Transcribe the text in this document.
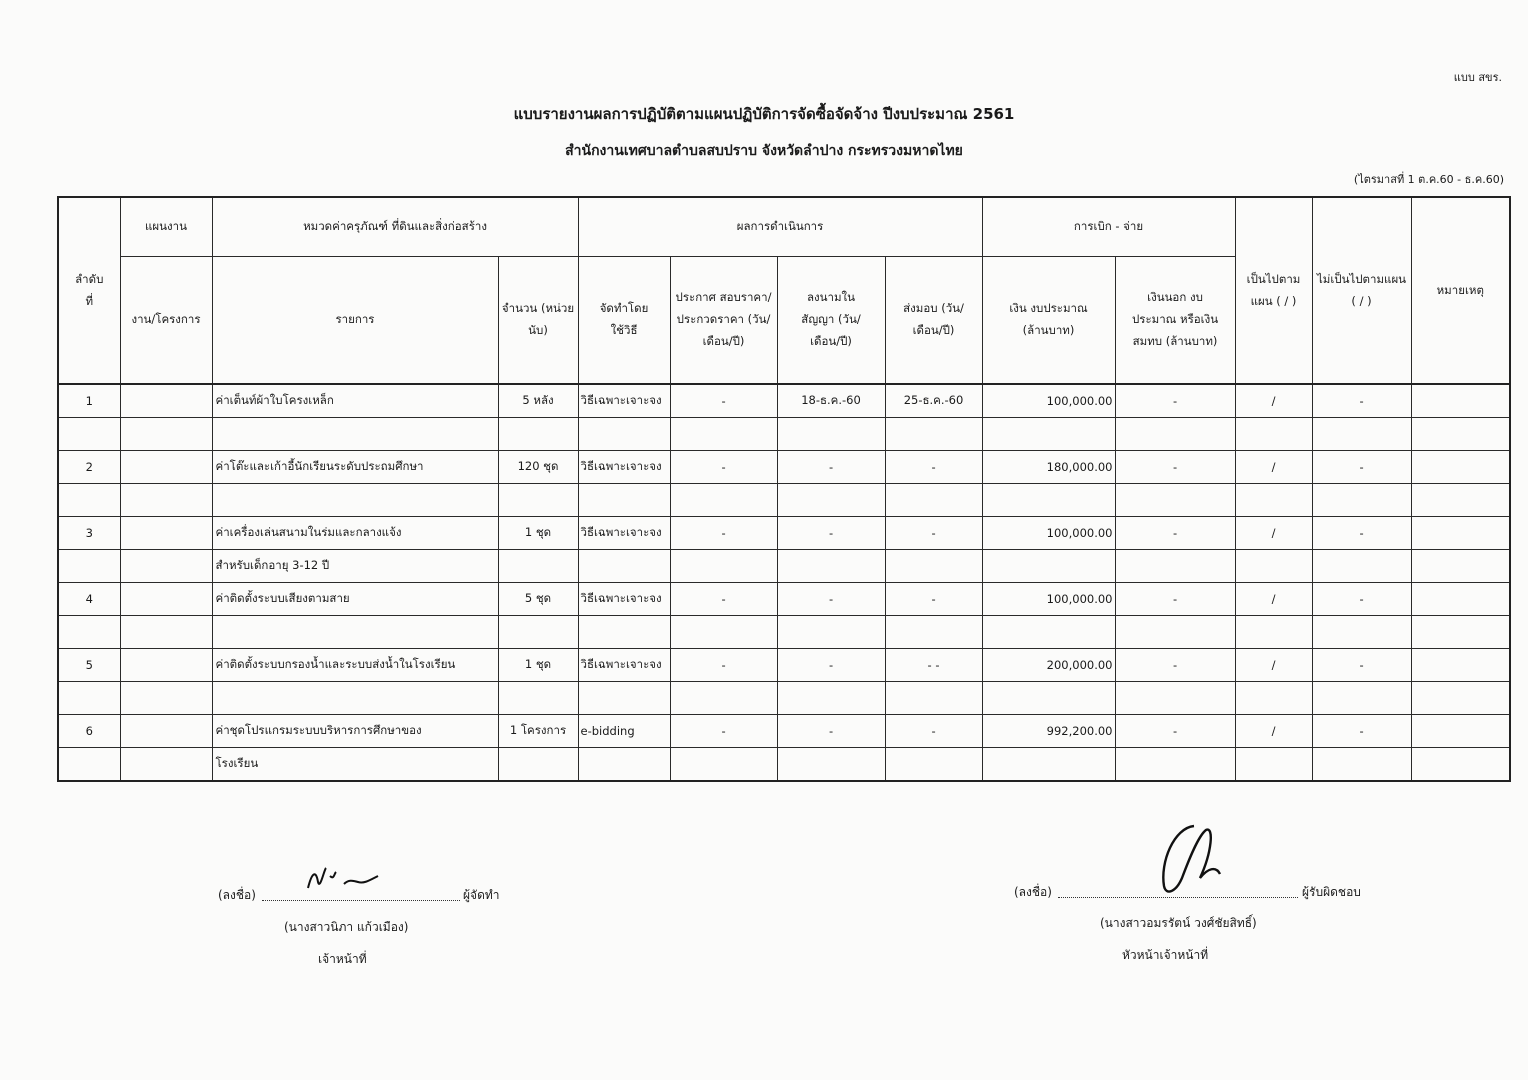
แบบ สขร.
แบบรายงานผลการปฏิบัติตามแผนปฏิบัติการจัดซื้อจัดจ้าง ปีงบประมาณ 2561
สำนักงานเทศบาลตำบลสบปราบ จังหวัดลำปาง กระทรวงมหาดไทย
(ไตรมาสที่ 1 ต.ค.60 - ธ.ค.60)
ลำดับที่	แผนงาน	หมวดค่าครุภัณฑ์ ที่ดินและสิ่งก่อสร้าง		ผลการดำเนินการ				การเบิก - จ่าย		เป็นไปตามแผน ( / )	ไม่เป็นไปตามแผน ( / )	หมายเหตุ
	งาน/โครงการ	รายการ	จำนวน (หน่วยนับ)	จัดทำโดยใช้วิธี	ประกาศ สอบราคา/ ประกวดราคา (วัน/เดือน/ปี)	ลงนามใน สัญญา (วัน/เดือน/ปี)	ส่งมอบ (วัน/เดือน/ปี)	เงิน งบประมาณ (ล้านบาท)	เงินนอก งบประมาณ หรือเงินสมทบ (ล้านบาท)			
1		ค่าเต็นท์ผ้าใบโครงเหล็ก	5 หลัง	วิธีเฉพาะเจาะจง	-	18-ธ.ค.-60	25-ธ.ค.-60	100,000.00	-	/	-	

2		ค่าโต๊ะและเก้าอี้นักเรียนระดับประถมศึกษา	120 ชุด	วิธีเฉพาะเจาะจง	-	-	-	180,000.00	-	/	-	

3		ค่าเครื่องเล่นสนามในร่มและกลางแจ้ง	1 ชุด	วิธีเฉพาะเจาะจง	-	-	-	100,000.00	-	/	-	
		สำหรับเด็กอายุ 3-12 ปี										
4		ค่าติดตั้งระบบเสียงตามสาย	5 ชุด	วิธีเฉพาะเจาะจง	-	-	-	100,000.00	-	/	-	

5		ค่าติดตั้งระบบกรองน้ำและระบบส่งน้ำในโรงเรียน	1 ชุด	วิธีเฉพาะเจาะจง	-	-	- -	200,000.00	-	/	-	

6		ค่าชุดโปรแกรมระบบบริหารการศึกษาของ	1 โครงการ	e-bidding	-	-	-	992,200.00	-	/	-	
		โรงเรียน										
(ลงชื่อ)	ผู้จัดทำ
(นางสาวนิภา แก้วเมือง)
เจ้าหน้าที่
(ลงชื่อ)	ผู้รับผิดชอบ
(นางสาวอมรรัตน์ วงศ์ชัยสิทธิ์)
หัวหน้าเจ้าหน้าที่
